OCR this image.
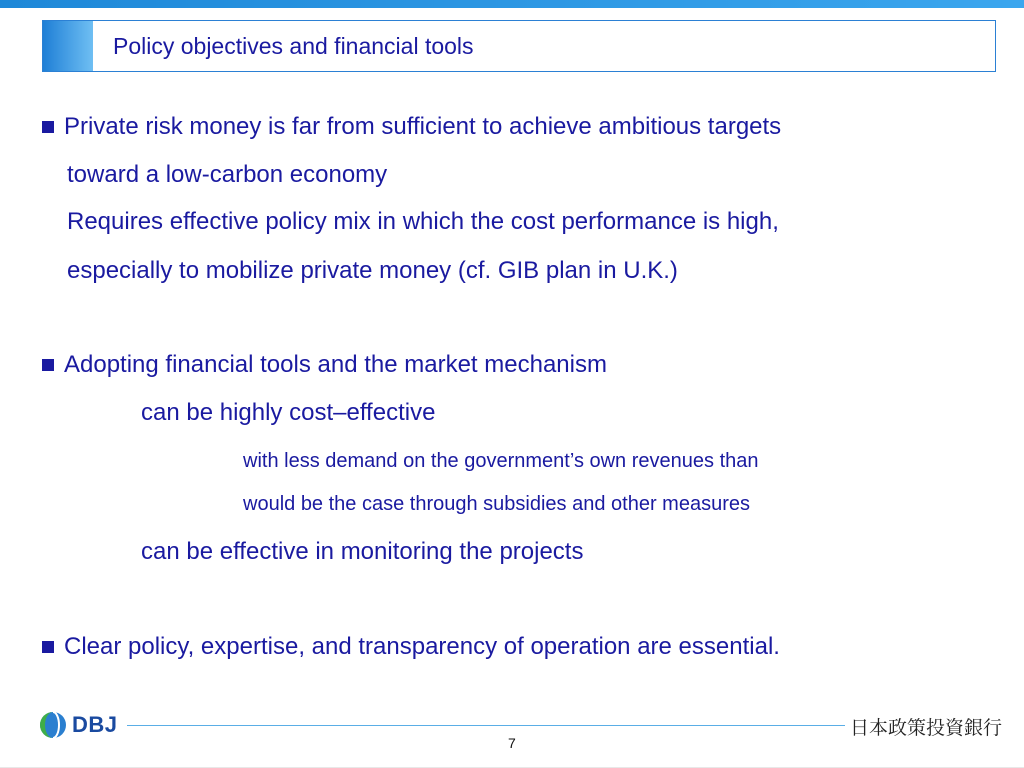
Policy objectives and financial tools
Private risk money is far from sufficient to achieve ambitious targets
toward a low-carbon economy
Requires effective policy mix in which the cost performance is high,
especially to mobilize private money (cf. GIB plan in U.K.)
Adopting financial tools and the market mechanism
can be highly cost–effective
with less demand on the government’s own revenues than
would be the case through subsidies and other measures
can be effective in monitoring the projects
Clear policy, expertise, and transparency of operation are essential.
DBJ	日本政策投資銀行
7
